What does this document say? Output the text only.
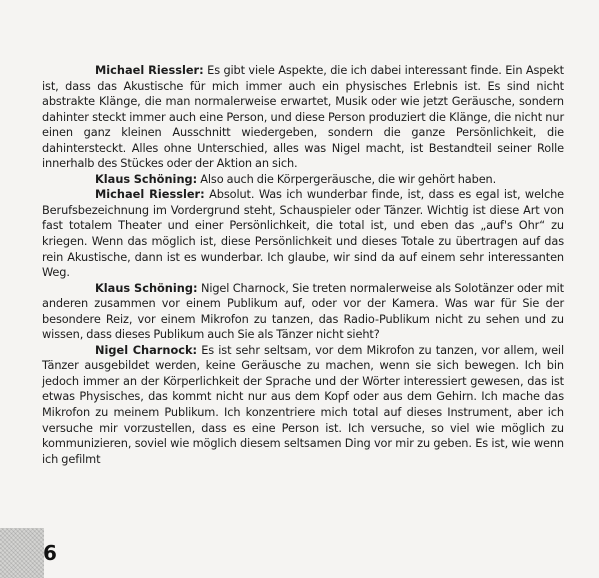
Michael Riessler: Es gibt viele Aspekte, die ich dabei interessant finde. Ein Aspekt ist, dass das Akustische für mich immer auch ein physisches Erlebnis ist. Es sind nicht abstrakte Klänge, die man normalerweise erwartet, Musik oder wie jetzt Geräusche, sondern dahinter steckt immer auch eine Person, und diese Person produziert die Klänge, die nicht nur einen ganz kleinen Ausschnitt wiedergeben, sondern die ganze Persönlichkeit, die dahintersteckt. Alles ohne Unterschied, alles was Nigel macht, ist Bestandteil seiner Rolle innerhalb des Stückes oder der Aktion an sich.

Klaus Schöning: Also auch die Körpergeräusche, die wir gehört haben.

Michael Riessler: Absolut. Was ich wunderbar finde, ist, dass es egal ist, welche Berufsbezeichnung im Vordergrund steht, Schauspieler oder Tänzer. Wichtig ist diese Art von fast totalem Theater und einer Persönlichkeit, die total ist, und eben das „auf's Ohr“ zu kriegen. Wenn das möglich ist, diese Persönlichkeit und dieses Totale zu übertragen auf das rein Akustische, dann ist es wunderbar. Ich glaube, wir sind da auf einem sehr interessanten Weg.

Klaus Schöning: Nigel Charnock, Sie treten normalerweise als Solotänzer oder mit anderen zusammen vor einem Publikum auf, oder vor der Kamera. Was war für Sie der besondere Reiz, vor einem Mikrofon zu tanzen, das Radio-Publikum nicht zu sehen und zu wissen, dass dieses Publikum auch Sie als Tänzer nicht sieht?

Nigel Charnock: Es ist sehr seltsam, vor dem Mikrofon zu tanzen, vor allem, weil Tänzer ausgebildet werden, keine Geräusche zu machen, wenn sie sich bewegen. Ich bin jedoch immer an der Körperlichkeit der Sprache und der Wörter interessiert gewesen, das ist etwas Physisches, das kommt nicht nur aus dem Kopf oder aus dem Gehirn. Ich mache das Mikrofon zu meinem Publikum. Ich konzentriere mich total auf dieses Instrument, aber ich versuche mir vorzustellen, dass es eine Person ist. Ich versuche, so viel wie möglich zu kommunizieren, soviel wie möglich diesem seltsamen Ding vor mir zu geben. Es ist, wie wenn ich gefilmt

6
